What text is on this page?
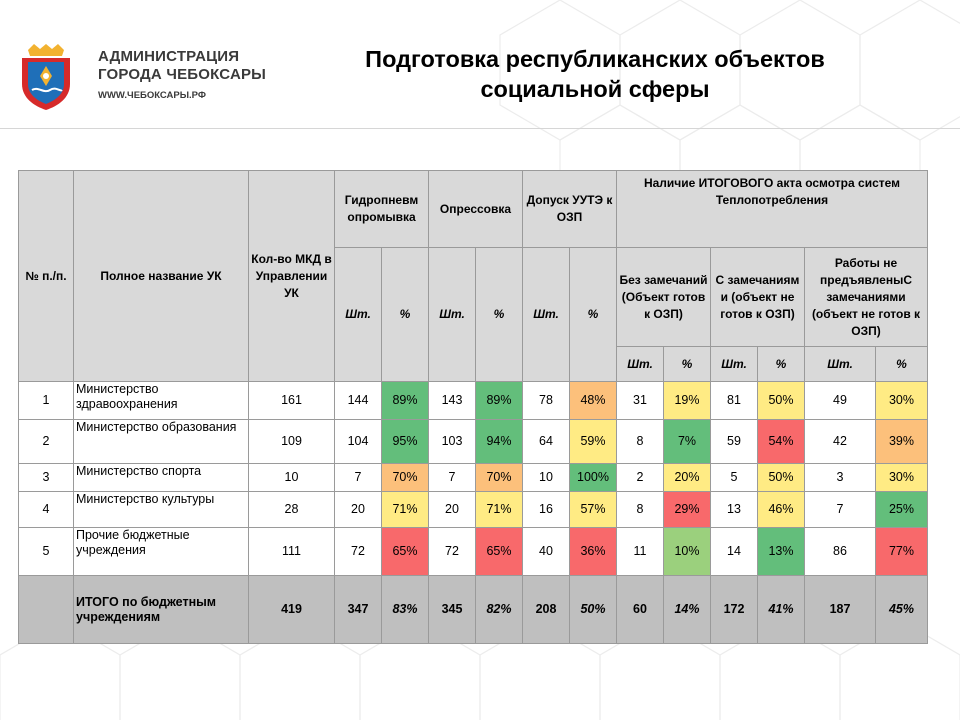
АДМИНИСТРАЦИЯ
ГОРОДА ЧЕБОКСАРЫ
WWW.ЧЕБОКСАРЫ.РФ
Подготовка республиканских объектов
социальной сферы
№ п./п.	Полное название УК	Кол-во МКД в Управлении УК	Гидропневм опромывка		Опрессовка		Допуск УУТЭ к ОЗП		Наличие ИТОГОВОГО акта осмотра систем Теплопотребления					
			Шт.	%	Шт.	%	Шт.	%	Без замечаний (Объект готов к ОЗП)		С замечаниям и (объект не готов к ОЗП)		Работы не предъявленыС замечаниями (объект не готов к ОЗП)	
									Шт.	%	Шт.	%	Шт.	%
1	Министерство здравоохранения	161	144	89%	143	89%	78	48%	31	19%	81	50%	49	30%
2	Министерство образования	109	104	95%	103	94%	64	59%	8	7%	59	54%	42	39%
3	Министерство спорта	10	7	70%	7	70%	10	100%	2	20%	5	50%	3	30%
4	Министерство культуры	28	20	71%	20	71%	16	57%	8	29%	13	46%	7	25%
5	Прочие бюджетные учреждения	111	72	65%	72	65%	40	36%	11	10%	14	13%	86	77%
	ИТОГО по бюджетным учреждениям	419	347	83%	345	82%	208	50%	60	14%	172	41%	187	45%
